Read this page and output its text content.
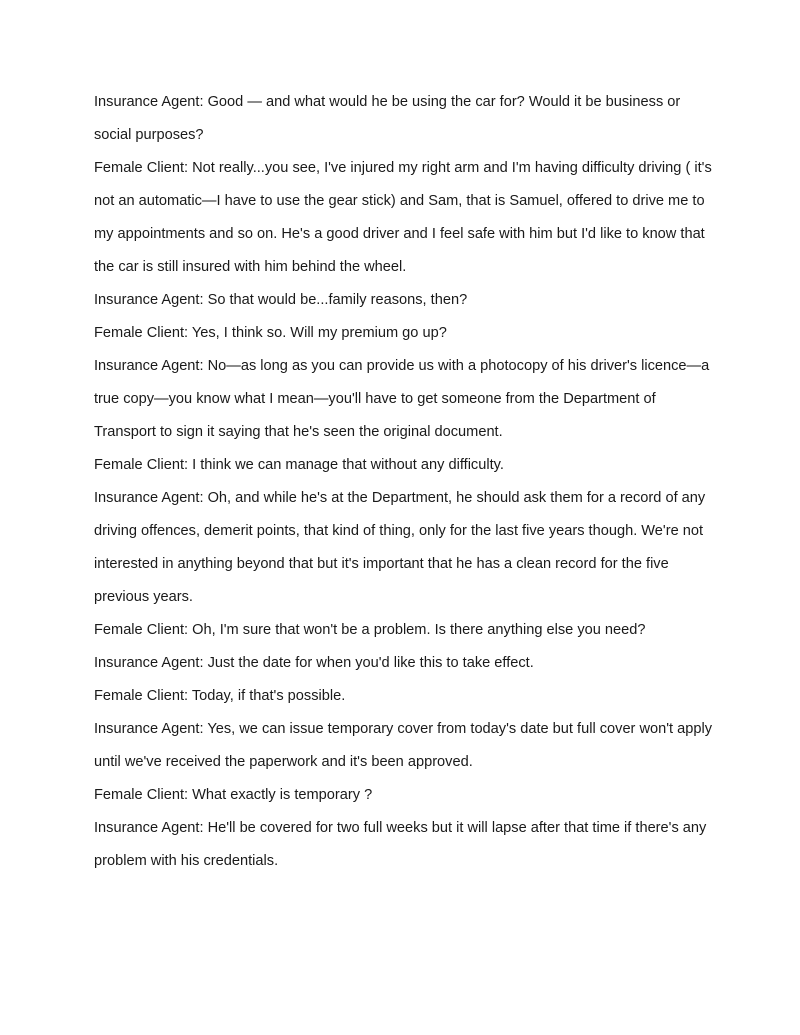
Insurance Agent: Good — and what would he be using the car for? Would it be business or

social purposes?

Female Client: Not really...you see, I've injured my right arm and I'm having difficulty driving ( it's

not an automatic—I have to use the gear stick) and Sam, that is Samuel, offered to drive me to

my appointments and so on. He's a good driver and I feel safe with him but I'd like to know that

the car is still insured with him behind the wheel.

Insurance Agent: So that would be...family reasons, then?

Female Client: Yes, I think so. Will my premium go up?

Insurance Agent: No—as long as you can provide us with a photocopy of his driver's licence—a

true copy—you know what I mean—you'll have to get someone from the Department of

Transport to sign it saying that he's seen the original document.

Female Client: I think we can manage that without any difficulty.

Insurance Agent: Oh, and while he's at the Department, he should ask them for a record of any

driving offences, demerit points, that kind of thing, only for the last five years though. We're not

interested in anything beyond that but it's important that he has a clean record for the five

previous years.

Female Client: Oh, I'm sure that won't be a problem. Is there anything else you need?

Insurance Agent: Just the date for when you'd like this to take effect.

Female Client: Today, if that's possible.

Insurance Agent: Yes, we can issue temporary cover from today's date but full cover won't apply

until we've received the paperwork and it's been approved.

Female Client: What exactly is temporary ?

Insurance Agent: He'll be covered for two full weeks but it will lapse after that time if there's any

problem with his credentials.
